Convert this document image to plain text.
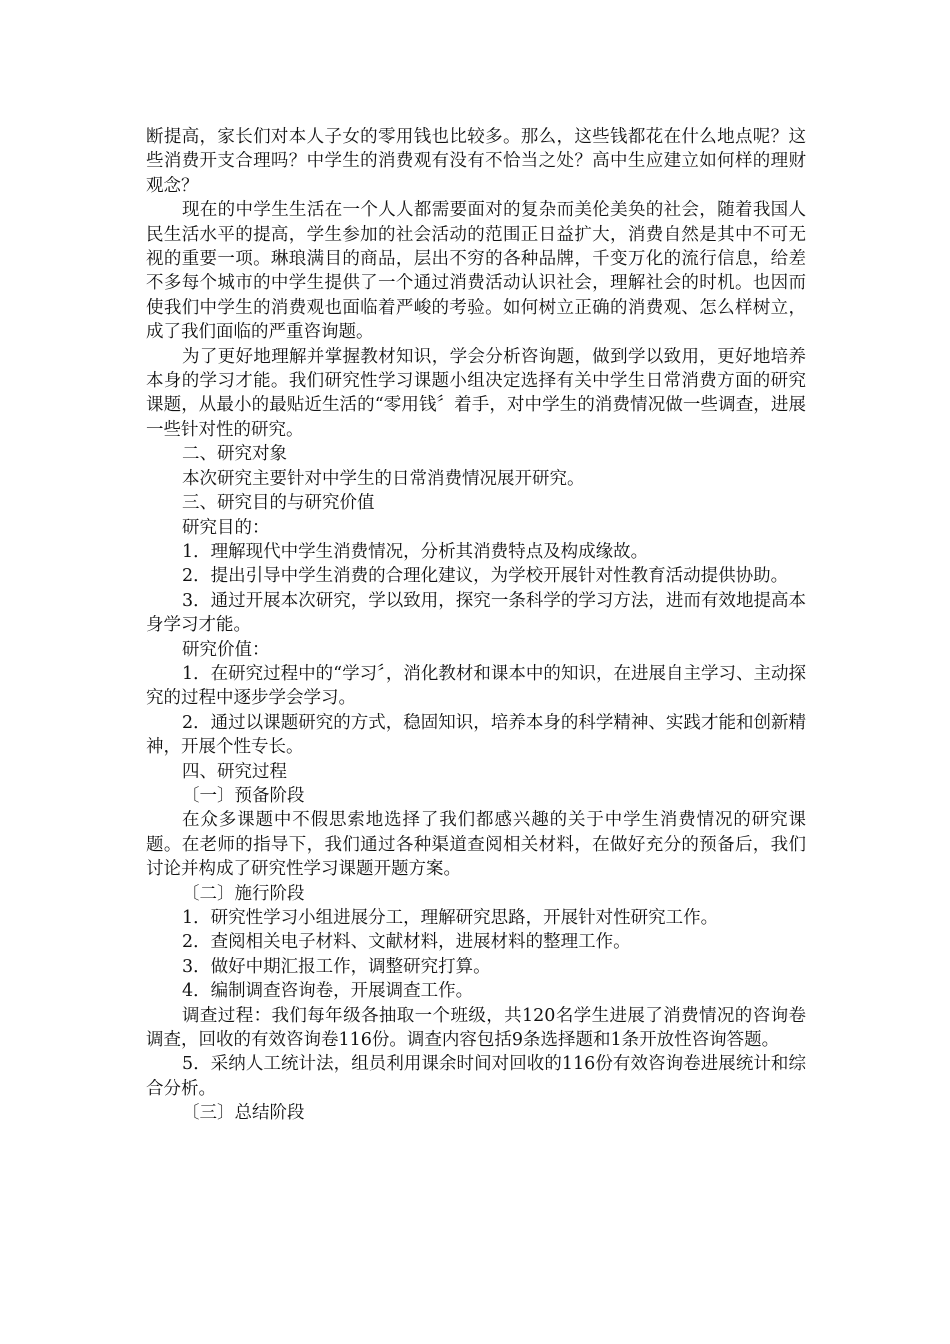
断提高，家长们对本人子女的零用钱也比较多。那么，这些钱都花在什么地点呢？这些消费开支合理吗？中学生的消费观有没有不恰当之处？高中生应建立如何样的理财观念？

现在的中学生生活在一个人人都需要面对的复杂而美伦美奂的社会，随着我国人民生活水平的提高，学生参加的社会活动的范围正日益扩大，消费自然是其中不可无视的重要一项。琳琅满目的商品，层出不穷的各种品牌，千变万化的流行信息，给差不多每个城市的中学生提供了一个通过消费活动认识社会，理解社会的时机。也因而使我们中学生的消费观也面临着严峻的考验。如何树立正确的消费观、怎么样树立，成了我们面临的严重咨询题。

为了更好地理解并掌握教材知识，学会分析咨询题，做到学以致用，更好地培养本身的学习才能。我们研究性学习课题小组决定选择有关中学生日常消费方面的研究课题，从最小的最贴近生活的“零用钱〞着手，对中学生的消费情况做一些调查，进展一些针对性的研究。

二、研究对象

本次研究主要针对中学生的日常消费情况展开研究。

三、研究目的与研究价值

研究目的：

1．理解现代中学生消费情况，分析其消费特点及构成缘故。

2．提出引导中学生消费的合理化建议，为学校开展针对性教育活动提供协助。

3．通过开展本次研究，学以致用，探究一条科学的学习方法，进而有效地提高本身学习才能。

研究价值：

1．在研究过程中的“学习〞，消化教材和课本中的知识，在进展自主学习、主动探究的过程中逐步学会学习。

2．通过以课题研究的方式，稳固知识，培养本身的科学精神、实践才能和创新精神，开展个性专长。

四、研究过程

〔一〕预备阶段

在众多课题中不假思索地选择了我们都感兴趣的关于中学生消费情况的研究课题。在老师的指导下，我们通过各种渠道查阅相关材料，在做好充分的预备后，我们讨论并构成了研究性学习课题开题方案。

〔二〕施行阶段

1．研究性学习小组进展分工，理解研究思路，开展针对性研究工作。

2．查阅相关电子材料、文献材料，进展材料的整理工作。

3．做好中期汇报工作，调整研究打算。

4．编制调查咨询卷，开展调查工作。

调查过程：我们每年级各抽取一个班级，共120名学生进展了消费情况的咨询卷调查，回收的有效咨询卷116份。调查内容包括9条选择题和1条开放性咨询答题。

5．采纳人工统计法，组员利用课余时间对回收的116份有效咨询卷进展统计和综合分析。

〔三〕总结阶段
